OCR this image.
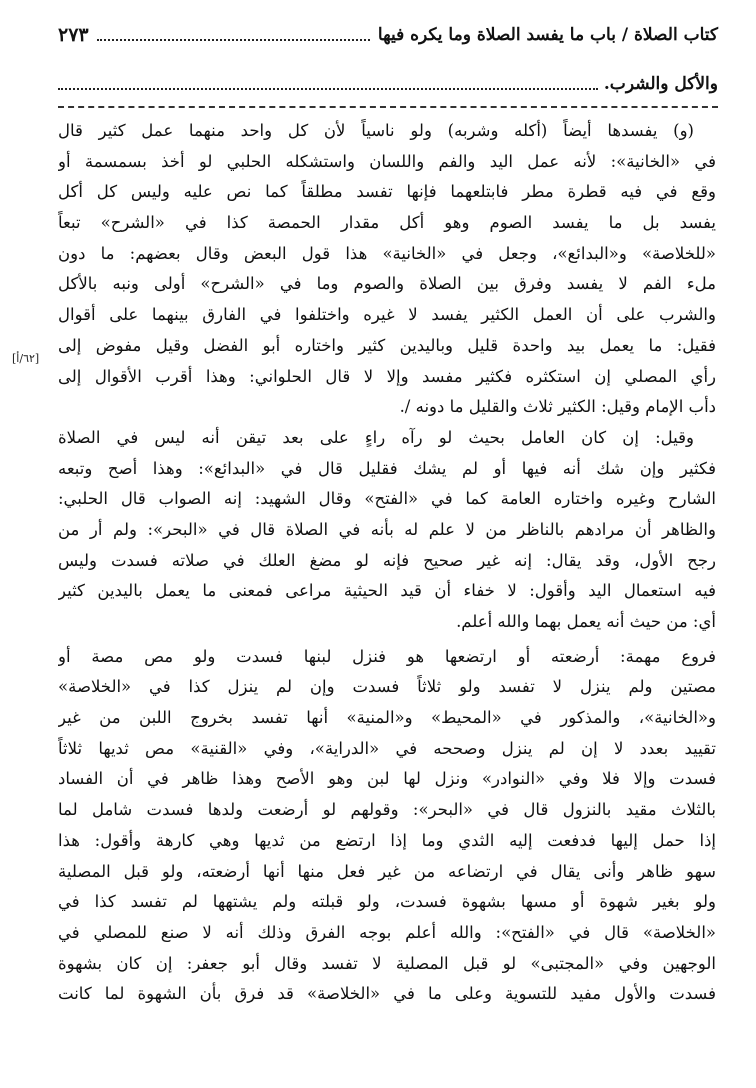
كتاب الصلاة / باب ما يفسد الصلاة وما يكره فيها
٢٧٣
والأكل والشرب.
[٦٢/أ]
(و) يفسدها أيضاً (أكله وشربه) ولو ناسياً لأن كل واحد منهما عمل كثير قال
في «الخانية»: لأنه عمل اليد والفم واللسان واستشكله الحلبي لو أخذ بسمسمة أو
وقع في فيه قطرة مطر فابتلعهما فإنها تفسد مطلقاً كما نص عليه وليس كل أكل
يفسد بل ما يفسد الصوم وهو أكل مقدار الحمصة كذا في «الشرح» تبعاً
«للخلاصة» و«البدائع»، وجعل في «الخانية» هذا قول البعض وقال بعضهم: ما دون
ملء الفم لا يفسد وفرق بين الصلاة والصوم وما في «الشرح» أولى ونبه بالأكل
والشرب على أن العمل الكثير يفسد لا غيره واختلفوا في الفارق بينهما على أقوال
فقيل: ما يعمل بيد واحدة قليل وباليدين كثير واختاره أبو الفضل وقيل مفوض إلى
رأي المصلي إن استكثره فكثير مفسد وإلا لا قال الحلواني: وهذا أقرب الأقوال إلى
دأب الإمام وقيل: الكثير ثلاث والقليل ما دونه /.
وقيل: إن كان العامل بحيث لو رآه راءٍ على بعد تيقن أنه ليس في الصلاة
فكثير وإن شك أنه فيها أو لم يشك فقليل قال في «البدائع»: وهذا أصح وتبعه
الشارح وغيره واختاره العامة كما في «الفتح» وقال الشهيد: إنه الصواب قال الحلبي:
والظاهر أن مرادهم بالناظر من لا علم له بأنه في الصلاة قال في «البحر»: ولم أر من
رجح الأول، وقد يقال: إنه غير صحيح فإنه لو مضغ العلك في صلاته فسدت وليس
فيه استعمال اليد وأقول: لا خفاء أن قيد الحيثية مراعى فمعنى ما يعمل باليدين كثير
أي: من حيث أنه يعمل بهما والله أعلم.
فروع مهمة: أرضعته أو ارتضعها هو فنزل لبنها فسدت ولو مص مصة أو
مصتين ولم ينزل لا تفسد ولو ثلاثاً فسدت وإن لم ينزل كذا في «الخلاصة»
و«الخانية»، والمذكور في «المحيط» و«المنية» أنها تفسد بخروج اللبن من غير
تقييد بعدد لا إن لم ينزل وصححه في «الدراية»، وفي «القنية» مص ثديها ثلاثاً
فسدت وإلا فلا وفي «النوادر» ونزل لها لبن وهو الأصح وهذا ظاهر في أن الفساد
بالثلاث مقيد بالنزول قال في «البحر»: وقولهم لو أرضعت ولدها فسدت شامل لما
إذا حمل إليها فدفعت إليه الثدي وما إذا ارتضع من ثديها وهي كارهة وأقول: هذا
سهو ظاهر وأنى يقال في ارتضاعه من غير فعل منها أنها أرضعته، ولو قبل المصلية
ولو بغير شهوة أو مسها بشهوة فسدت، ولو قبلته ولم يشتهها لم تفسد كذا في
«الخلاصة» قال في «الفتح»: والله أعلم بوجه الفرق وذلك أنه لا صنع للمصلي في
الوجهين وفي «المجتبى» لو قبل المصلية لا تفسد وقال أبو جعفر: إن كان بشهوة
فسدت والأول مفيد للتسوية وعلى ما في «الخلاصة» قد فرق بأن الشهوة لما كانت
